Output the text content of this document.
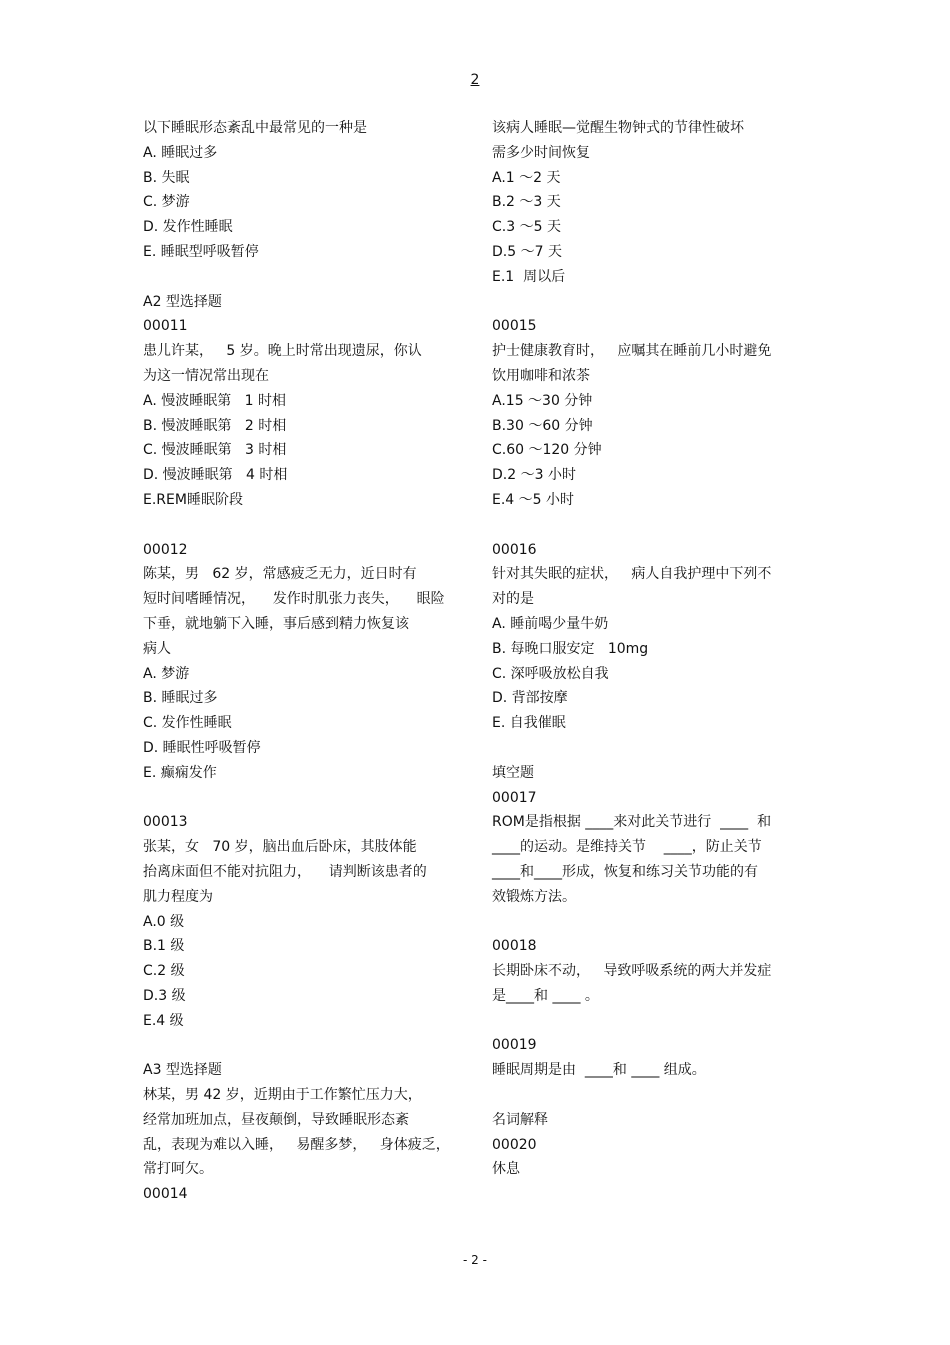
2
以下睡眠形态紊乱中最常见的一种是
A. 睡眠过多
B. 失眠
C. 梦游
D. 发作性睡眠
E. 睡眠型呼吸暂停
A2 型选择题
00011
患儿许某，   5 岁。晚上时常出现遗尿，你认
为这一情况常出现在
A. 慢波睡眠第   1 时相
B. 慢波睡眠第   2 时相
C. 慢波睡眠第   3 时相
D. 慢波睡眠第   4 时相
E.REM睡眠阶段
00012
陈某，男   62 岁，常感疲乏无力，近日时有
短时间嗜睡情况，    发作时肌张力丧失，    眼险
下垂，就地躺下入睡，事后感到精力恢复该
病人
A. 梦游
B. 睡眠过多
C. 发作性睡眠
D. 睡眠性呼吸暂停
E. 癫痫发作
00013
张某，女   70 岁，脑出血后卧床，其肢体能
抬离床面但不能对抗阻力，    请判断该患者的
肌力程度为
A.0 级
B.1 级
C.2 级
D.3 级
E.4 级
A3 型选择题
林某，男 42 岁，近期由于工作繁忙压力大，
经常加班加点，昼夜颠倒，导致睡眠形态紊
乱，表现为难以入睡，   易醒多梦，   身体疲乏，
常打呵欠。
00014
该病人睡眠—觉醒生物钟式的节律性破坏
需多少时间恢复
A.1 ～2 天
B.2 ～3 天
C.3 ～5 天
D.5 ～7 天
E.1  周以后
00015
护士健康教育时，   应嘱其在睡前几小时避免
饮用咖啡和浓茶
A.15 ～30 分钟
B.30 ～60 分钟
C.60 ～120 分钟
D.2 ～3 小时
E.4 ～5 小时
00016
针对其失眠的症状，   病人自我护理中下列不
对的是
A. 睡前喝少量牛奶
B. 每晚口服安定   10mg
C. 深呼吸放松自我
D. 背部按摩
E. 自我催眠
填空题
00017
ROM是指根据 ____来对此关节进行  ____  和
____的运动。是维持关节    ____，防止关节
____和____形成，恢复和练习关节功能的有
效锻炼方法。
00018
长期卧床不动，   导致呼吸系统的两大并发症
是____和 ____ 。
00019
睡眠周期是由  ____和 ____ 组成。
名词解释
00020
休息
- 2 -
